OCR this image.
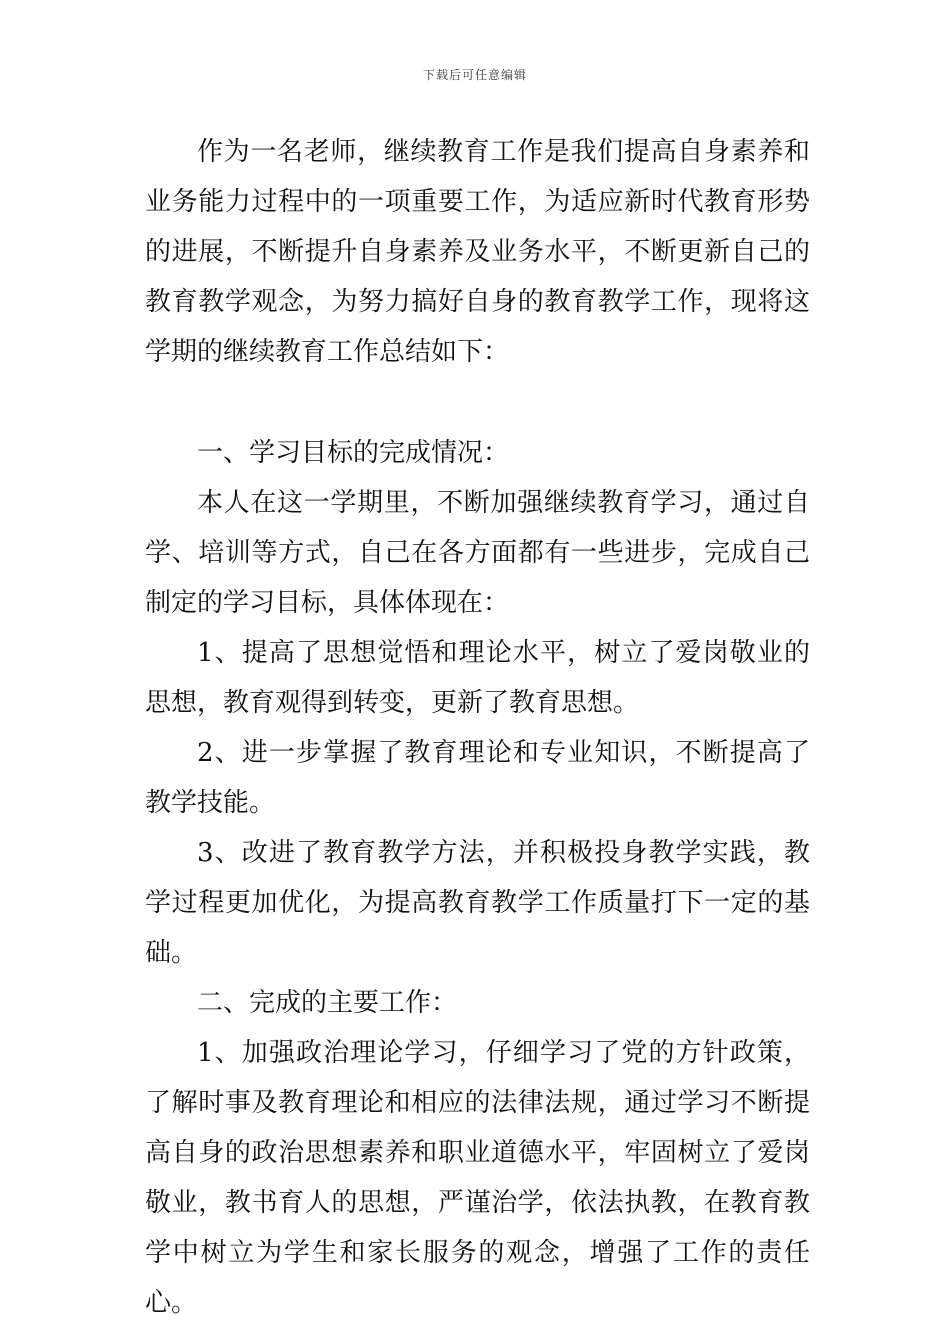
下载后可任意编辑

作为一名老师，继续教育工作是我们提高自身素养和业务能力过程中的一项重要工作，为适应新时代教育形势的进展，不断提升自身素养及业务水平，不断更新自己的教育教学观念，为努力搞好自身的教育教学工作，现将这学期的继续教育工作总结如下：

一、学习目标的完成情况：

本人在这一学期里，不断加强继续教育学习，通过自学、培训等方式，自己在各方面都有一些进步，完成自己制定的学习目标，具体体现在：

1、提高了思想觉悟和理论水平，树立了爱岗敬业的思想，教育观得到转变，更新了教育思想。

2、进一步掌握了教育理论和专业知识，不断提高了教学技能。

3、改进了教育教学方法，并积极投身教学实践，教学过程更加优化，为提高教育教学工作质量打下一定的基础。

二、完成的主要工作：

1、加强政治理论学习，仔细学习了党的方针政策，了解时事及教育理论和相应的法律法规，通过学习不断提高自身的政治思想素养和职业道德水平，牢固树立了爱岗敬业，教书育人的思想，严谨治学，依法执教，在教育教学中树立为学生和家长服务的观念，增强了工作的责任心。
